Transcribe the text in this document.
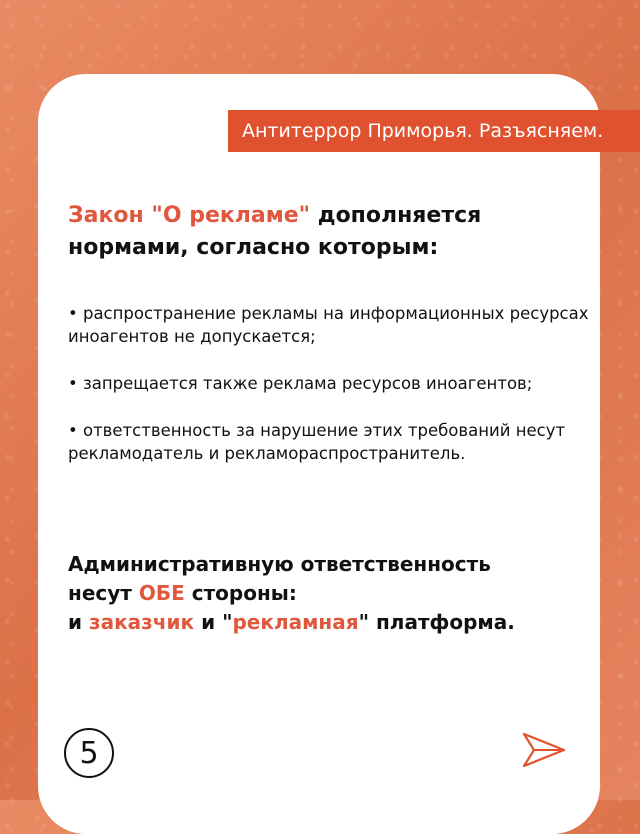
Антитеррор Приморья. Разъясняем.
Закон "О рекламе" дополняется нормами, согласно которым:
• распространение рекламы на информационных ресурсах иноагентов не допускается;
• запрещается также реклама ресурсов иноагентов;
• ответственность за нарушение этих требований несут рекламодатель и рекламораспространитель.
Административную ответственность
несут ОБЕ стороны:
и заказчик и "рекламная" платформа.
5
